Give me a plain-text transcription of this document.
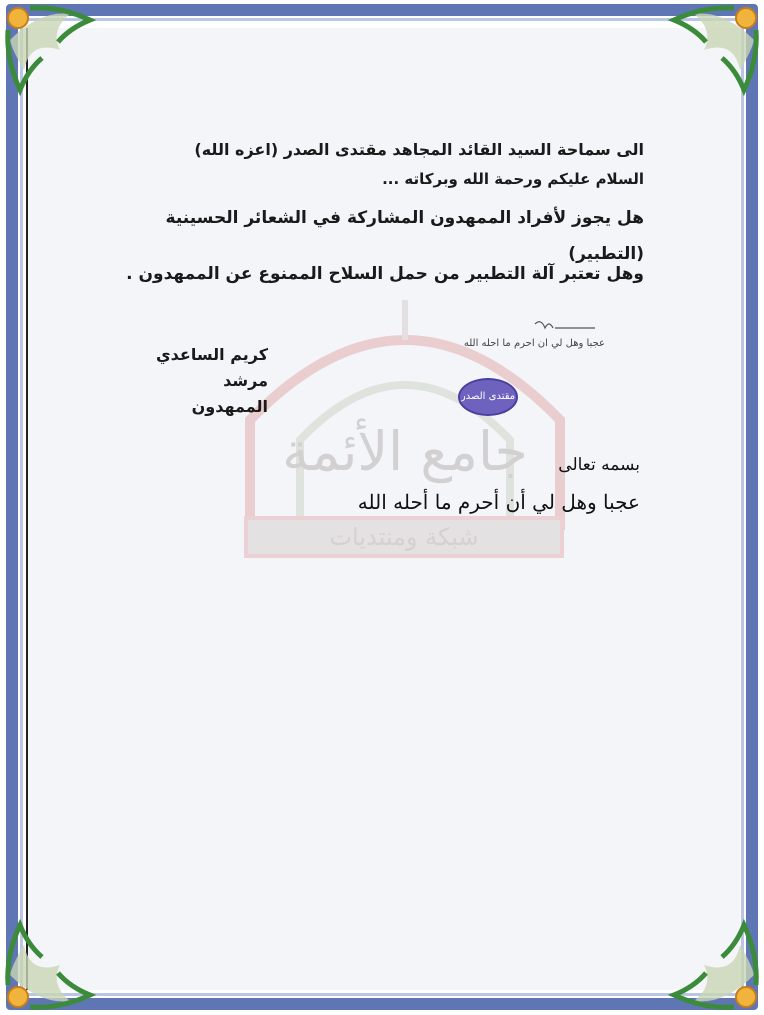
جامع الأئمة
شبكة ومنتديات
الى سماحة السيد القائد المجاهد مقتدى الصدر (اعزه الله)
السلام عليكم ورحمة الله وبركاته ...
هل يجوز لأفراد الممهدون المشاركة في الشعائر الحسينية
(التطبير)
وهل تعتبر آلة التطبير من حمل السلاح الممنوع عن الممهدون .
كريم الساعدي
مرشد الممهدون
عجبا وهل لي ان احرم ما احله الله
مقتدى الصدر
بسمه تعالى
عجبا وهل لي أن أحرم ما أحله الله
